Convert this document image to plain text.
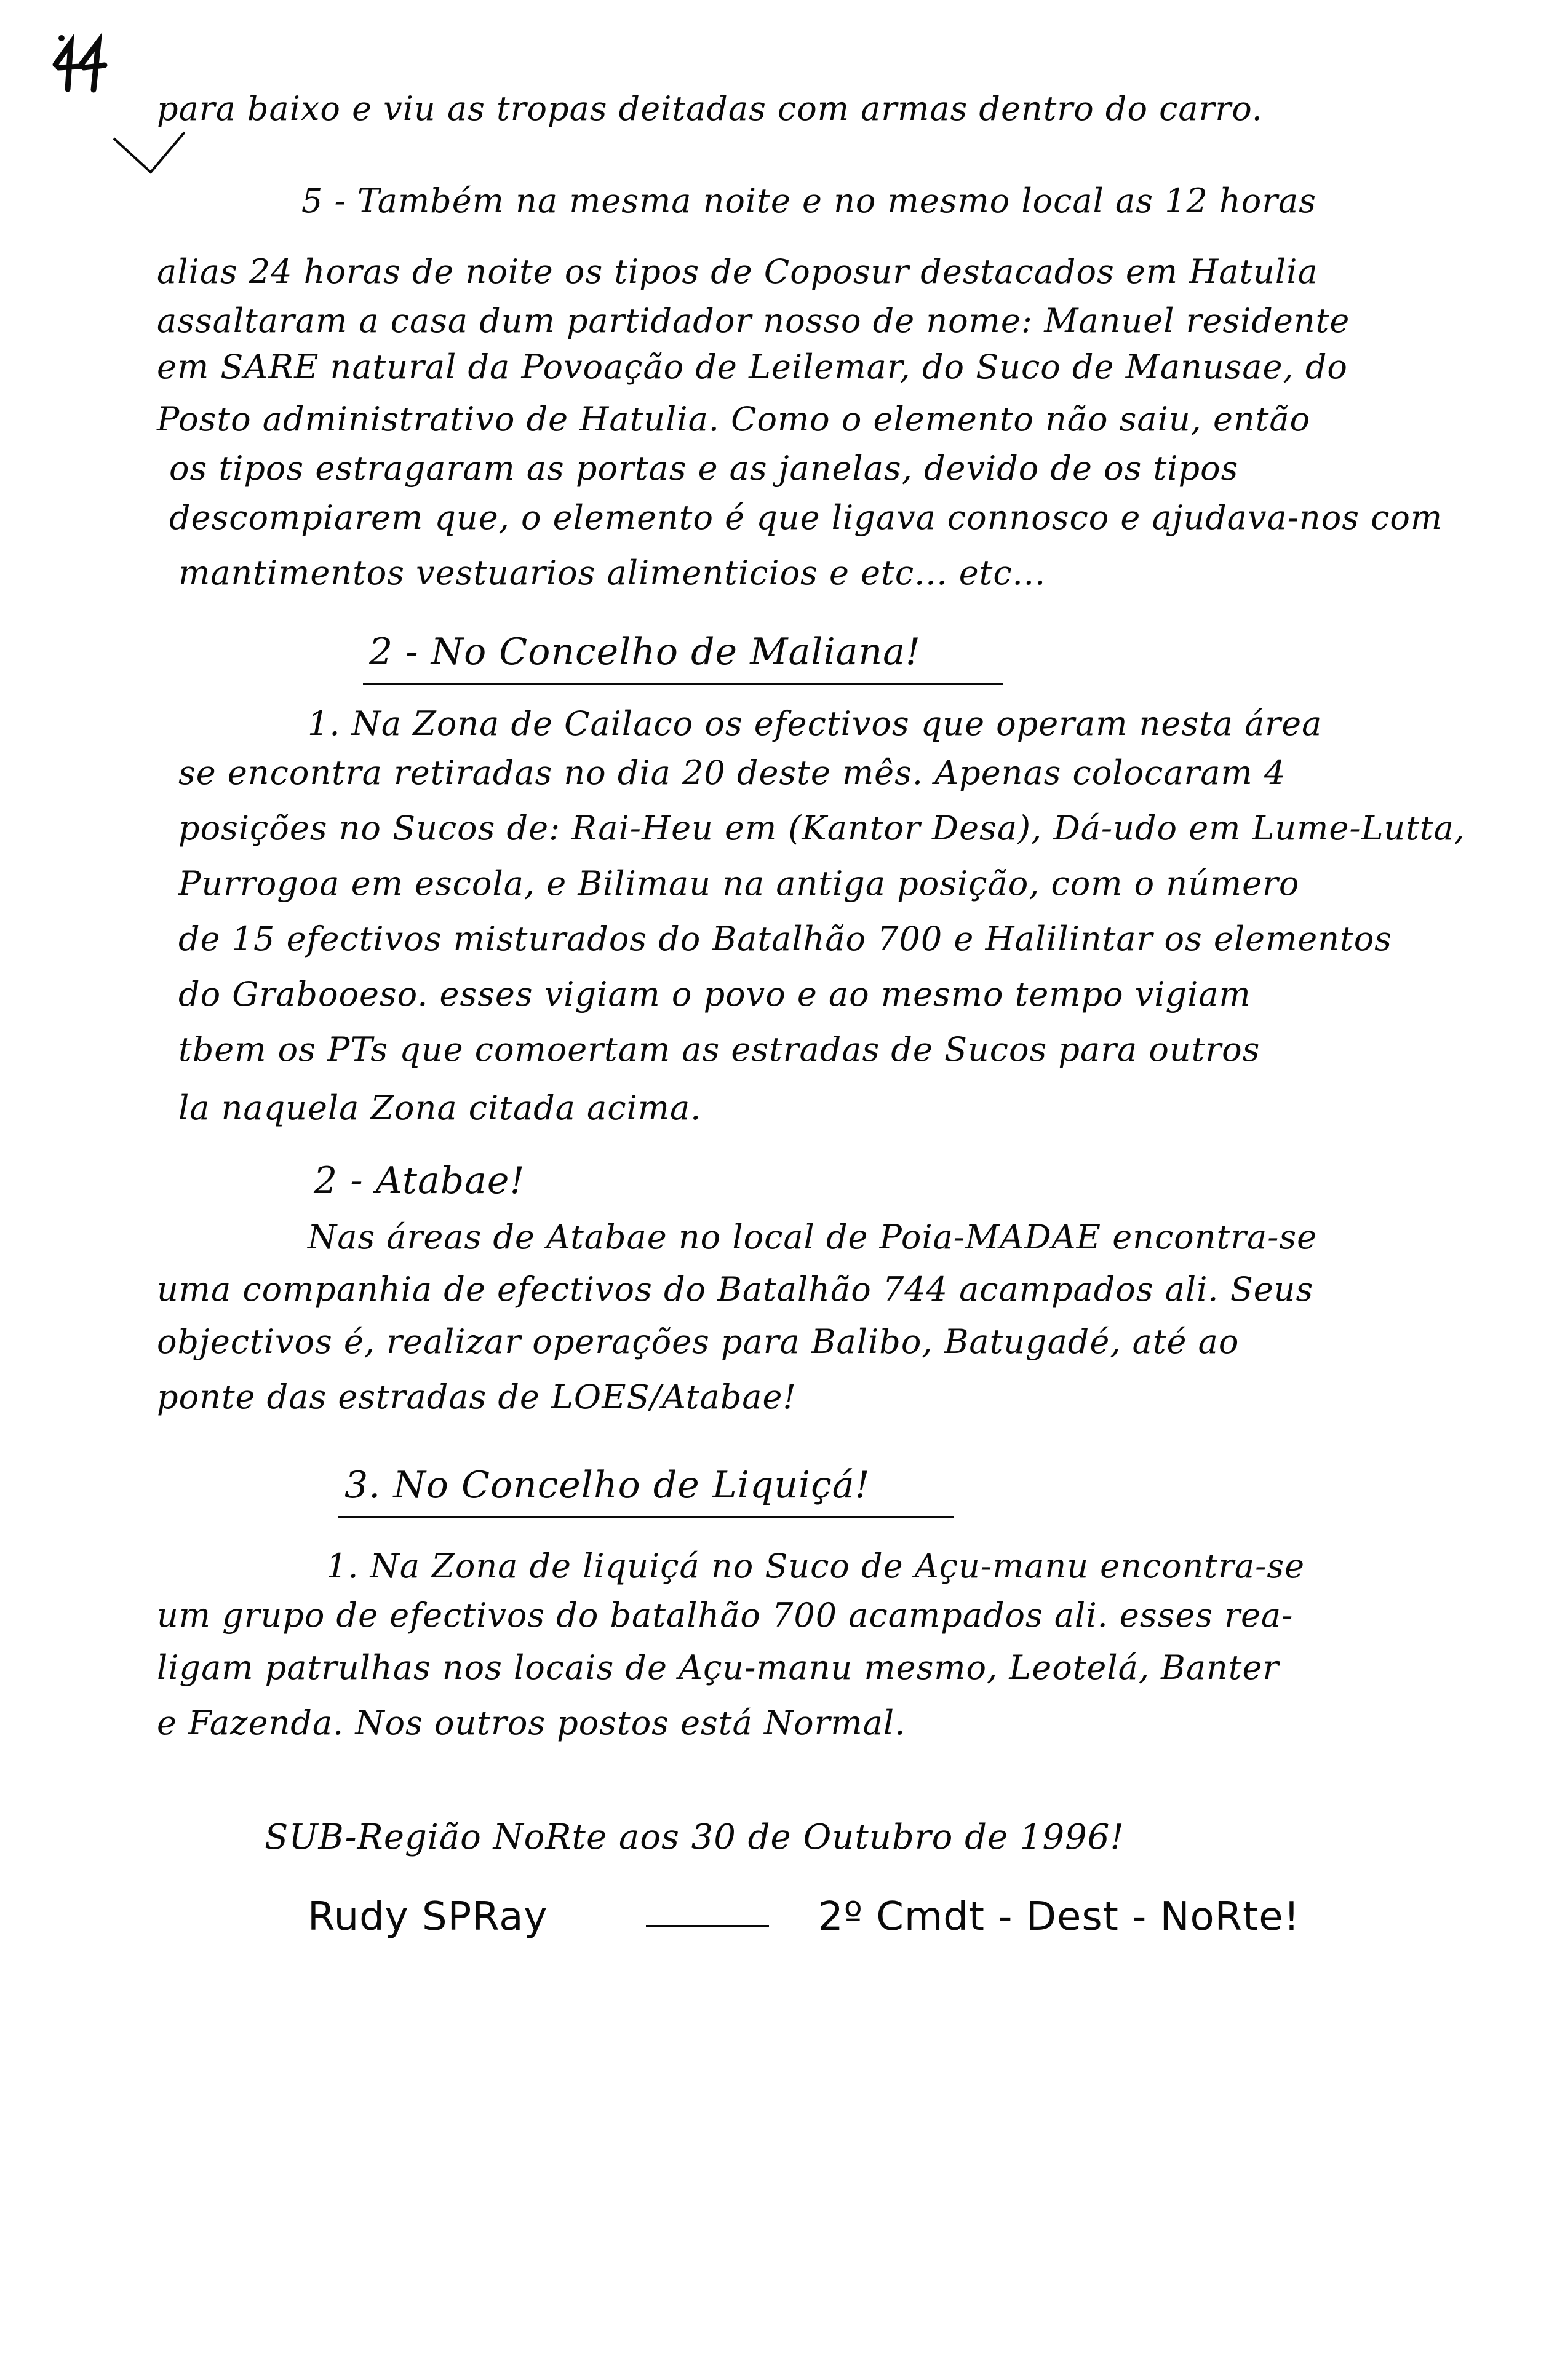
para baixo e viu as tropas deitadas com armas dentro do carro.
5 - Também na mesma noite e no mesmo local as 12 horas
alias 24 horas de noite os tipos de Coposur destacados em Hatulia
assaltaram a casa dum partidador nosso de nome: Manuel residente
em SARE natural da Povoação de Leilemar, do Suco de Manusae, do
Posto administrativo de Hatulia. Como o elemento não saiu, então
os tipos estragaram as portas e as janelas, devido de os tipos
descompiarem que, o elemento é que ligava connosco e ajudava-nos com
mantimentos vestuarios alimenticios e etc... etc...
2 - No Concelho de Maliana!
1. Na Zona de Cailaco os efectivos que operam nesta área
se encontra retiradas no dia 20 deste mês. Apenas colocaram 4
posições no Sucos de: Rai-Heu em (Kantor Desa), Dá-udo em Lume-Lutta,
Purrogoa em escola, e Bilimau na antiga posição, com o número
de 15 efectivos misturados do Batalhão 700 e Halilintar os elementos
do Grabooeso. esses vigiam o povo e ao mesmo tempo vigiam
tbem os PTs que comoertam as estradas de Sucos para outros
la naquela Zona citada acima.
2 - Atabae!
Nas áreas de Atabae no local de Poia-MADAE encontra-se
uma companhia de efectivos do Batalhão 744 acampados ali. Seus
objectivos é, realizar operações para Balibo, Batugadé, até ao
ponte das estradas de LOES/Atabae!
3. No Concelho de Liquiçá!
1. Na Zona de liquiçá no Suco de Açu-manu encontra-se
um grupo de efectivos do batalhão 700 acampados ali. esses rea-
ligam patrulhas nos locais de Açu-manu mesmo, Leotelá, Banter
e Fazenda. Nos outros postos está Normal.
SUB-Região NoRte aos 30 de Outubro de 1996!
Rudy SPRay	2º Cmdt - Dest - NoRte!
